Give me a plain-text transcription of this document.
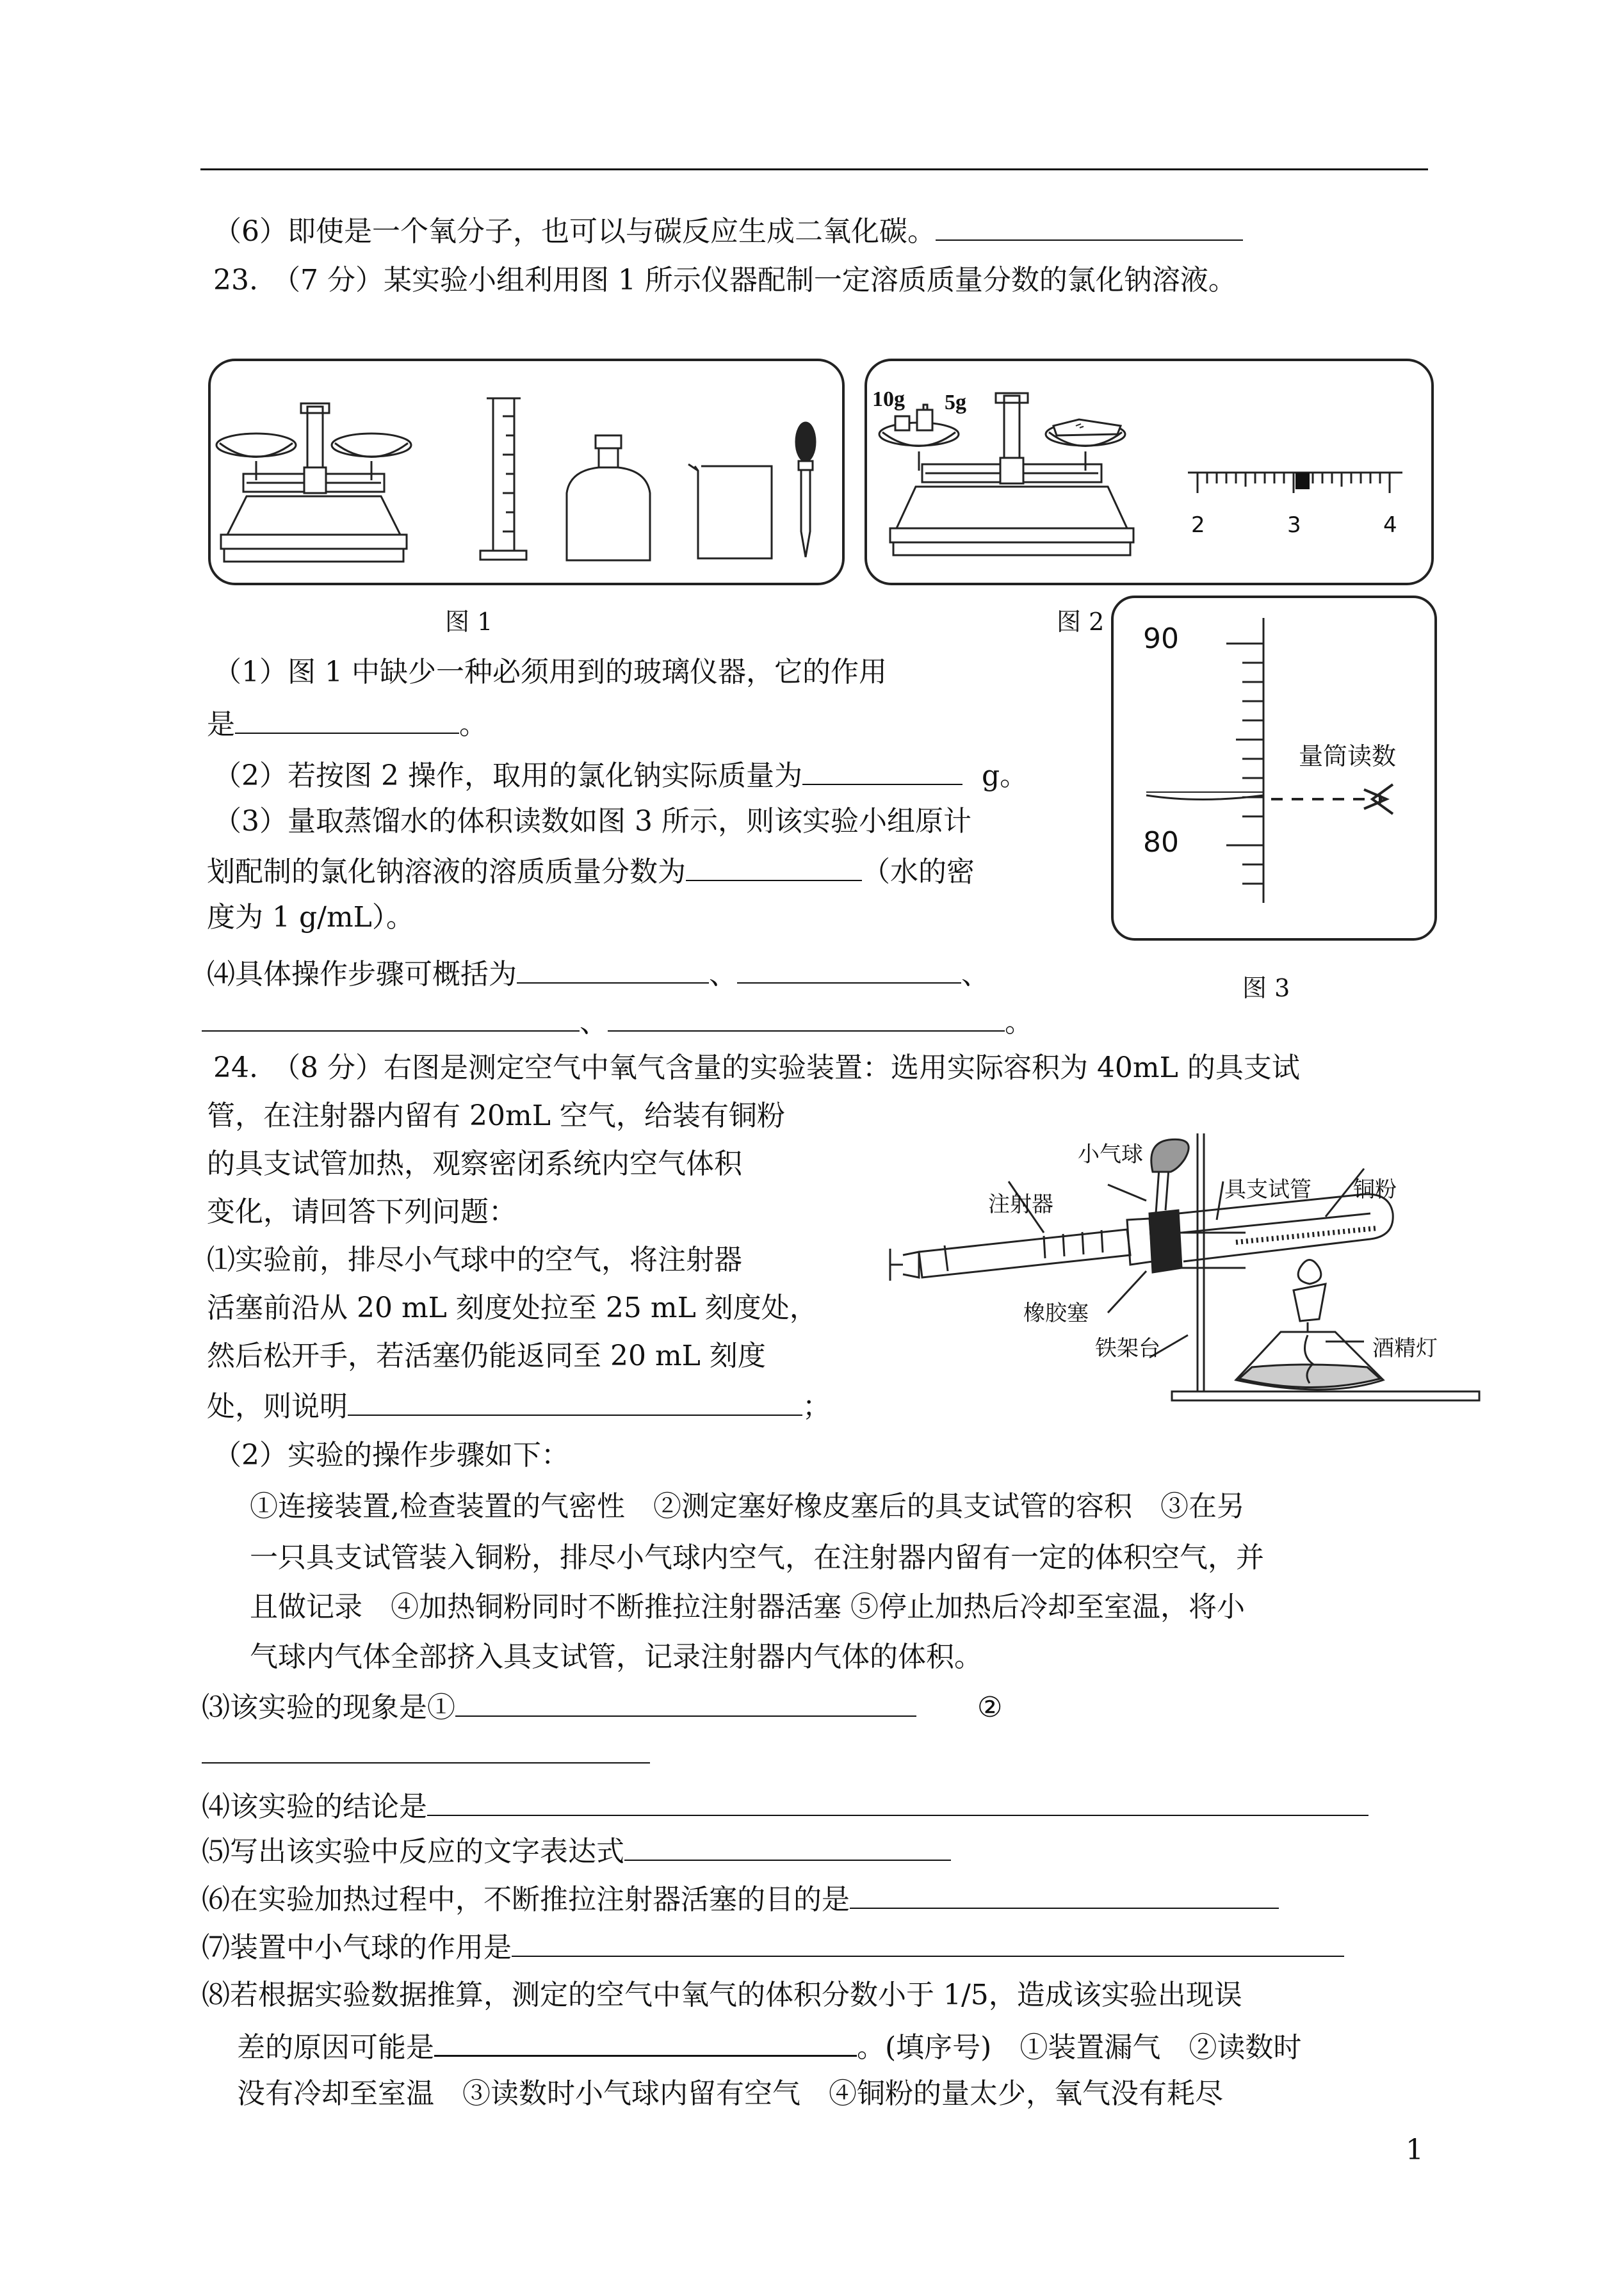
（6）即使是一个氧分子，也可以与碳反应生成二氧化碳。
23.　（7 分）某实验小组利用图 1 所示仪器配制一定溶质质量分数的氯化钠溶液。
10g 5g
2	3	4
图 1	图 2
90
80
量筒读数
图 3
（1）图 1 中缺少一种必须用到的玻璃仪器，它的作用
是	。
（2）若按图 2 操作，取用的氯化钠实际质量为	g。
（3）量取蒸馏水的体积读数如图 3 所示，则该实验小组原计
划配制的氯化钠溶液的溶质质量分数为	（水的密
度为 1 g/mL）。
⑷具体操作步骤可概括为	、	、
、	。
24.　（8 分）右图是测定空气中氧气含量的实验装置：选用实际容积为 40mL 的具支试
管，在注射器内留有 20mL 空气，给装有铜粉
的具支试管加热，观察密闭系统内空气体积
变化，请回答下列问题：
⑴实验前，排尽小气球中的空气，将注射器
活塞前沿从 20 mL 刻度处拉至 25 mL 刻度处，
然后松开手，若活塞仍能返同至 20 mL 刻度
处，则说明	；
小气球
注射器
具支试管 铜粉
橡胶塞
铁架台	酒精灯
（2）实验的操作步骤如下：
①连接装置,检查装置的气密性　②测定塞好橡皮塞后的具支试管的容积　③在另
一只具支试管装入铜粉，排尽小气球内空气，在注射器内留有一定的体积空气，并
且做记录　④加热铜粉同时不断推拉注射器活塞 ⑤停止加热后冷却至室温，将小
气球内气体全部挤入具支试管，记录注射器内气体的体积。
⑶该实验的现象是①	②
⑷该实验的结论是
⑸写出该实验中反应的文字表达式
⑹在实验加热过程中，不断推拉注射器活塞的目的是
⑺装置中小气球的作用是
⑻若根据实验数据推算，测定的空气中氧气的体积分数小于 1/5，造成该实验出现误
差的原因可能是	。(填序号)　①装置漏气　②读数时
没有冷却至室温　③读数时小气球内留有空气　④铜粉的量太少，氧气没有耗尽
1
